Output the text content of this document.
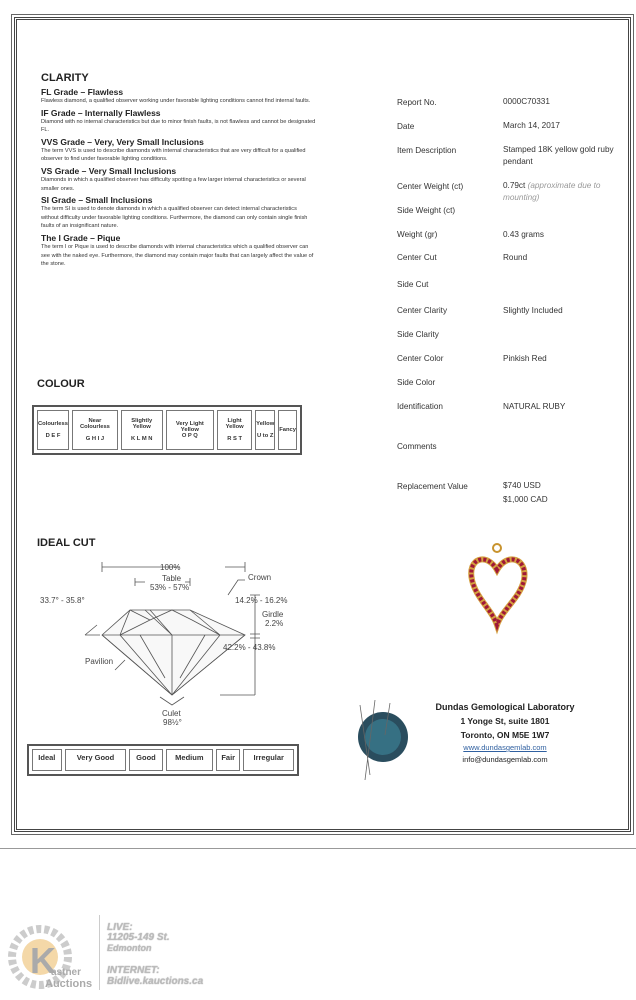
CLARITY
FL Grade – Flawless
Flawless diamond, a qualified observer working under favorable lighting conditions cannot find internal faults.
IF Grade – Internally Flawless
Diamond with no internal characteristics but due to minor finish faults, is not flawless and cannot be designated FL.
VVS Grade – Very, Very Small Inclusions
The term VVS is used to describe diamonds with internal characteristics that are very difficult for a qualified observer to find under favorable lighting conditions.
VS Grade – Very Small Inclusions
Diamonds in which a qualified observer has difficulty spotting a few larger internal characteristics or several smaller ones.
SI Grade – Small Inclusions
The term SI is used to denote diamonds in which a qualified observer can detect internal characteristics without difficulty under favorable lighting conditions. Furthermore, the diamond can only contain single finish faults of an insignificant nature.
The I Grade – Pique
The term I or Pique is used to describe diamonds with internal characteristics which a qualified observer can see with the naked eye. Furthermore, the diamond may contain major faults that can largely affect the value of the stone.
COLOUR
Colourless

D E F

Near Colourless

G H I J

Slightly Yellow

K L M N

Very Light Yellow
O P Q

Light Yellow

R S T

Yellow

U to Z

Fancy
IDEAL CUT
100%
Table
53% - 57%
Crown
33.7° - 35.8°	14.2% - 16.2%
Girdle
2.2%
42.2% - 43.8%
Pavilion
Culet
98½°
Ideal	Very Good	Good	Medium	Fair	Irregular
Report No.	0000C70331
Date	March 14, 2017
Item Description	Stamped 18K yellow gold ruby pendant
Center Weight (ct)	0.79ct (approximate due to mounting)
Side Weight (ct)
Weight (gr)	0.43 grams
Center Cut	Round
Side Cut
Center Clarity	Slightly Included
Side Clarity
Center Color	Pinkish Red
Side Color
Identification	NATURAL RUBY
Comments
Replacement Value	$740 USD
$1,000 CAD
Dundas Gemological Laboratory
1 Yonge St, suite 1801
Toronto, ON M5E 1W7
www.dundasgemlab.com
info@dundasgemlab.com
K
astner
Auctions
LIVE:
11205-149 St.
Edmonton
INTERNET:
Bidlive.kauctions.ca
